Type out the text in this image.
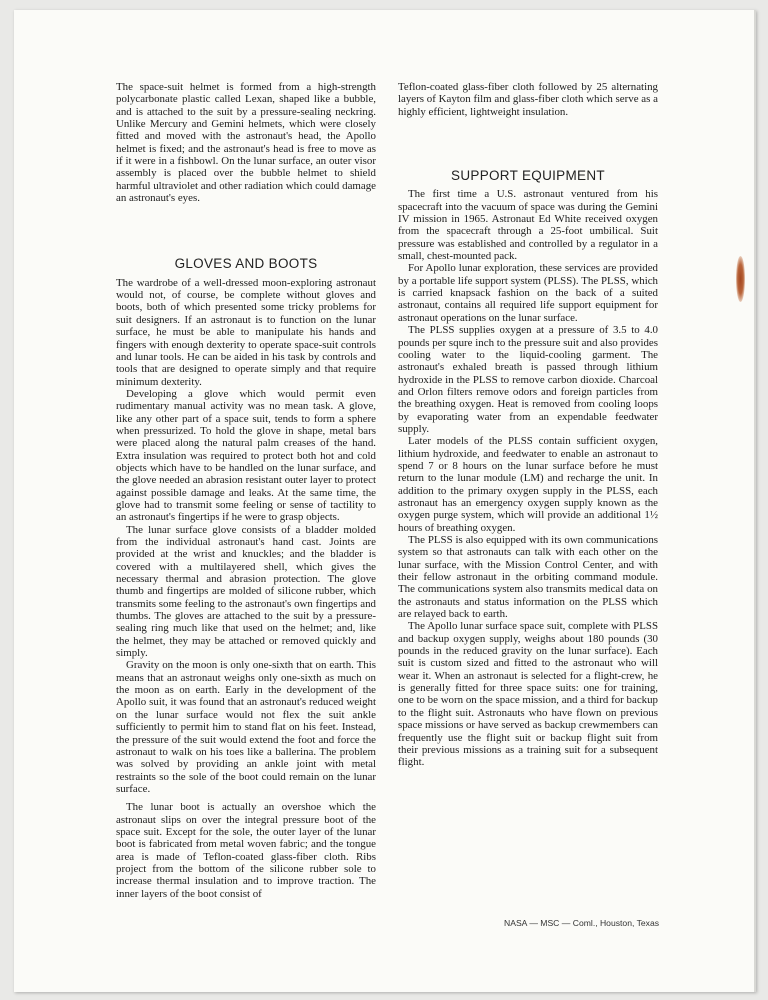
The space-suit helmet is formed from a high-strength polycarbonate plastic called Lexan, shaped like a bubble, and is attached to the suit by a pressure-sealing neckring. Unlike Mercury and Gemini helmets, which were closely fitted and moved with the astronaut's head, the Apollo helmet is fixed; and the astronaut's head is free to move as if it were in a fishbowl. On the lunar surface, an outer visor assembly is placed over the bubble helmet to shield harmful ultraviolet and other radiation which could damage an astronaut's eyes.

GLOVES AND BOOTS

The wardrobe of a well-dressed moon-exploring astronaut would not, of course, be complete without gloves and boots, both of which presented some tricky problems for suit designers. If an astronaut is to function on the lunar surface, he must be able to manipulate his hands and fingers with enough dexterity to operate space-suit controls and lunar tools. He can be aided in his task by controls and tools that are designed to operate simply and that require minimum dexterity.

Developing a glove which would permit even rudimentary manual activity was no mean task. A glove, like any other part of a space suit, tends to form a sphere when pressurized. To hold the glove in shape, metal bars were placed along the natural palm creases of the hand. Extra insulation was required to protect both hot and cold objects which have to be handled on the lunar surface, and the glove needed an abrasion resistant outer layer to protect against possible damage and leaks. At the same time, the glove had to transmit some feeling or sense of tactility to an astronaut's fingertips if he were to grasp objects.

The lunar surface glove consists of a bladder molded from the individual astronaut's hand cast. Joints are provided at the wrist and knuckles; and the bladder is covered with a multilayered shell, which gives the necessary thermal and abrasion protection. The glove thumb and fingertips are molded of silicone rubber, which transmits some feeling to the astronaut's own fingertips and thumbs. The gloves are attached to the suit by a pressure-sealing ring much like that used on the helmet; and, like the helmet, they may be attached or removed quickly and simply.

Gravity on the moon is only one-sixth that on earth. This means that an astronaut weighs only one-sixth as much on the moon as on earth. Early in the development of the Apollo suit, it was found that an astronaut's reduced weight on the lunar surface would not flex the suit ankle sufficiently to permit him to stand flat on his feet. Instead, the pressure of the suit would extend the foot and force the astronaut to walk on his toes like a ballerina. The problem was solved by providing an ankle joint with metal restraints so the sole of the boot could remain on the lunar surface.

The lunar boot is actually an overshoe which the astronaut slips on over the integral pressure boot of the space suit. Except for the sole, the outer layer of the lunar boot is fabricated from metal woven fabric; and the tongue area is made of Teflon-coated glass-fiber cloth. Ribs project from the bottom of the silicone rubber sole to increase thermal insulation and to improve traction. The inner layers of the boot consist of

Teflon-coated glass-fiber cloth followed by 25 alternating layers of Kayton film and glass-fiber cloth which serve as a highly efficient, lightweight insulation.

SUPPORT EQUIPMENT

The first time a U.S. astronaut ventured from his spacecraft into the vacuum of space was during the Gemini IV mission in 1965. Astronaut Ed White received oxygen from the spacecraft through a 25-foot umbilical. Suit pressure was established and controlled by a regulator in a small, chest-mounted pack.

For Apollo lunar exploration, these services are provided by a portable life support system (PLSS). The PLSS, which is carried knapsack fashion on the back of a suited astronaut, contains all required life support equipment for astronaut operations on the lunar surface.

The PLSS supplies oxygen at a pressure of 3.5 to 4.0 pounds per squre inch to the pressure suit and also provides cooling water to the liquid-cooling garment. The astronaut's exhaled breath is passed through lithium hydroxide in the PLSS to remove carbon dioxide. Charcoal and Orlon filters remove odors and foreign particles from the breathing oxygen. Heat is removed from cooling loops by evaporating water from an expendable feedwater supply.

Later models of the PLSS contain sufficient oxygen, lithium hydroxide, and feedwater to enable an astronaut to spend 7 or 8 hours on the lunar surface before he must return to the lunar module (LM) and recharge the unit. In addition to the primary oxygen supply in the PLSS, each astronaut has an emergency oxygen supply known as the oxygen purge system, which will provide an additional 1½ hours of breathing oxygen.

The PLSS is also equipped with its own communications system so that astronauts can talk with each other on the lunar surface, with the Mission Control Center, and with their fellow astronaut in the orbiting command module. The communications system also transmits medical data on the astronauts and status information on the PLSS which are relayed back to earth.

The Apollo lunar surface space suit, complete with PLSS and backup oxygen supply, weighs about 180 pounds (30 pounds in the reduced gravity on the lunar surface). Each suit is custom sized and fitted to the astronaut who will wear it. When an astronaut is selected for a flight-crew, he is generally fitted for three space suits: one for training, one to be worn on the space mission, and a third for backup to the flight suit. Astronauts who have flown on previous space missions or have served as backup crewmembers can frequently use the flight suit or backup flight suit from their previous missions as a training suit for a subsequent flight.

NASA — MSC — Coml., Houston, Texas
